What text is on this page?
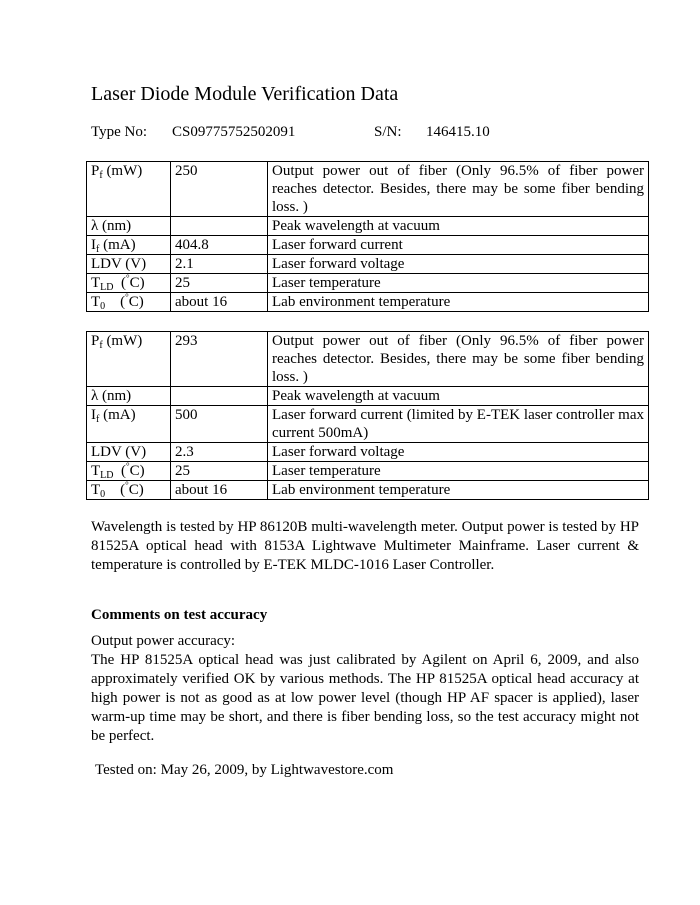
Laser Diode Module Verification Data
Type No: CS09775752502091	S/N: 146415.10
$P_f$ (mW)	250	Output power out of fiber (Only 96.5% of fiber power reaches detector. Besides, there may be some fiber bending loss. )
λ (nm)		Peak wavelength at vacuum
$I_f$ (mA)	404.8	Laser forward current
LDV (V)	2.1	Laser forward voltage
$T_{LD}$  (°C)	25	Laser temperature
$T_0$    (°C)	about 16	Lab environment temperature
$P_f$ (mW)	293	Output power out of fiber (Only 96.5% of fiber power reaches detector. Besides, there may be some fiber bending loss. )
λ (nm)		Peak wavelength at vacuum
$I_f$ (mA)	500	Laser forward current (limited by E-TEK laser controller max current 500mA)
LDV (V)	2.3	Laser forward voltage
$T_{LD}$  (°C)	25	Laser temperature
$T_0$    (°C)	about 16	Lab environment temperature

Wavelength is tested by HP 86120B multi-wavelength meter. Output power is tested by HP 81525A optical head with 8153A Lightwave Multimeter Mainframe. Laser current & temperature is controlled by E-TEK MLDC-1016 Laser Controller.

Comments on test accuracy

Output power accuracy:

The HP 81525A optical head was just calibrated by Agilent on April 6, 2009, and also approximately verified OK by various methods. The HP 81525A optical head accuracy at high power is not as good as at low power level (though HP AF spacer is applied), laser warm-up time may be short, and there is fiber bending loss, so the test accuracy might not be perfect.

Tested on: May 26, 2009, by Lightwavestore.com
